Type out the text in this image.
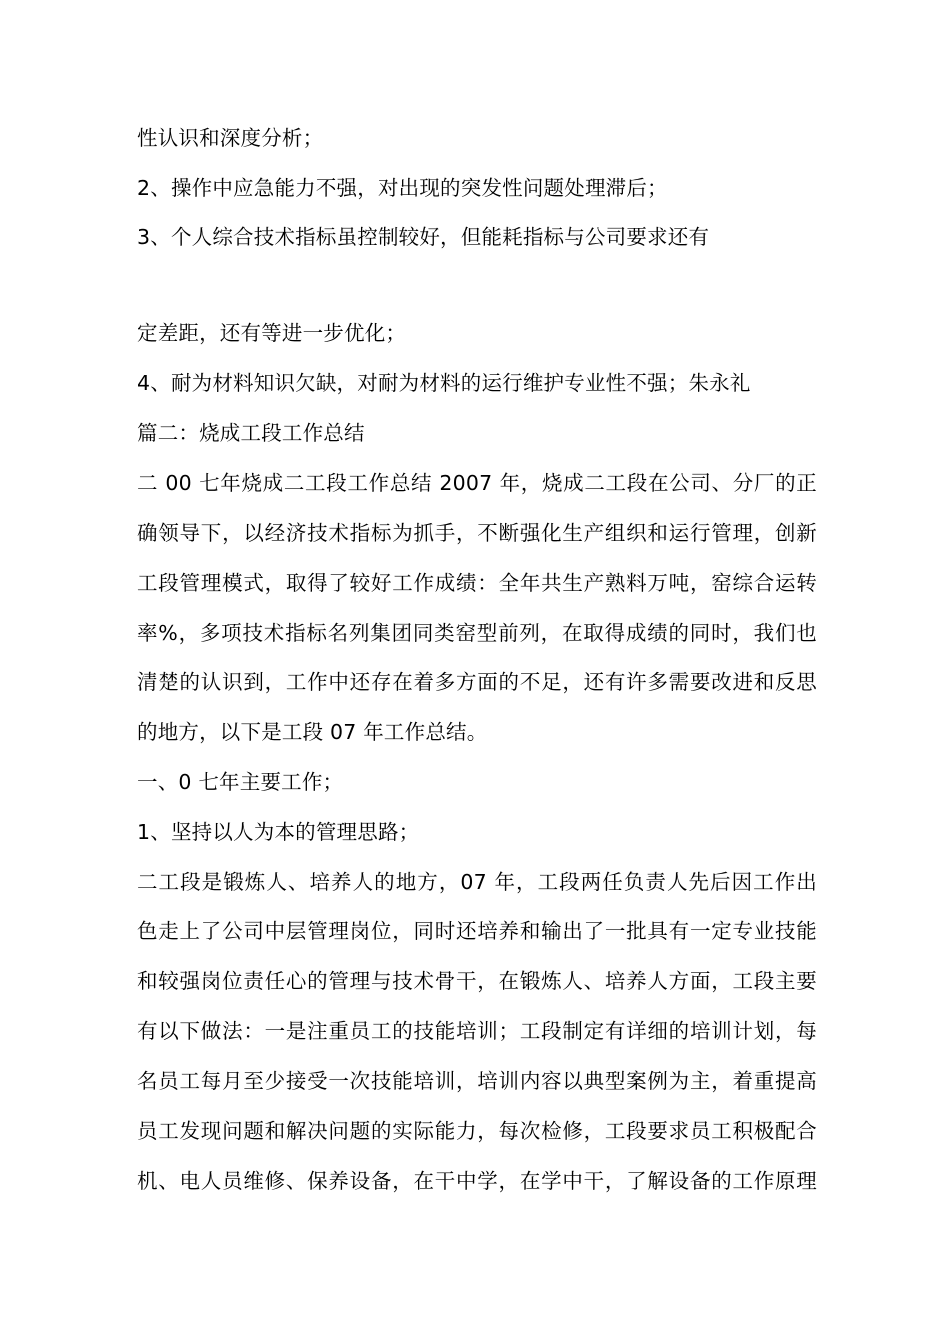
性认识和深度分析；
2、操作中应急能力不强，对出现的突发性问题处理滞后；
3、个人综合技术指标虽控制较好，但能耗指标与公司要求还有
定差距，还有等进一步优化；
4、耐为材料知识欠缺，对耐为材料的运行维护专业性不强；朱永礼
篇二：烧成工段工作总结
二 00 七年烧成二工段工作总结 2007 年，烧成二工段在公司、分厂的正
确领导下，以经济技术指标为抓手，不断强化生产组织和运行管理，创新
工段管理模式，取得了较好工作成绩：全年共生产熟料万吨，窑综合运转
率%，多项技术指标名列集团同类窑型前列，在取得成绩的同时，我们也
清楚的认识到，工作中还存在着多方面的不足，还有许多需要改进和反思
的地方，以下是工段 07 年工作总结。
一、0 七年主要工作；
1、坚持以人为本的管理思路；
二工段是锻炼人、培养人的地方，07 年，工段两任负责人先后因工作出
色走上了公司中层管理岗位，同时还培养和输出了一批具有一定专业技能
和较强岗位责任心的管理与技术骨干，在锻炼人、培养人方面，工段主要
有以下做法：一是注重员工的技能培训；工段制定有详细的培训计划，每
名员工每月至少接受一次技能培训，培训内容以典型案例为主，着重提高
员工发现问题和解决问题的实际能力，每次检修，工段要求员工积极配合
机、电人员维修、保养设备，在干中学，在学中干，了解设备的工作原理
